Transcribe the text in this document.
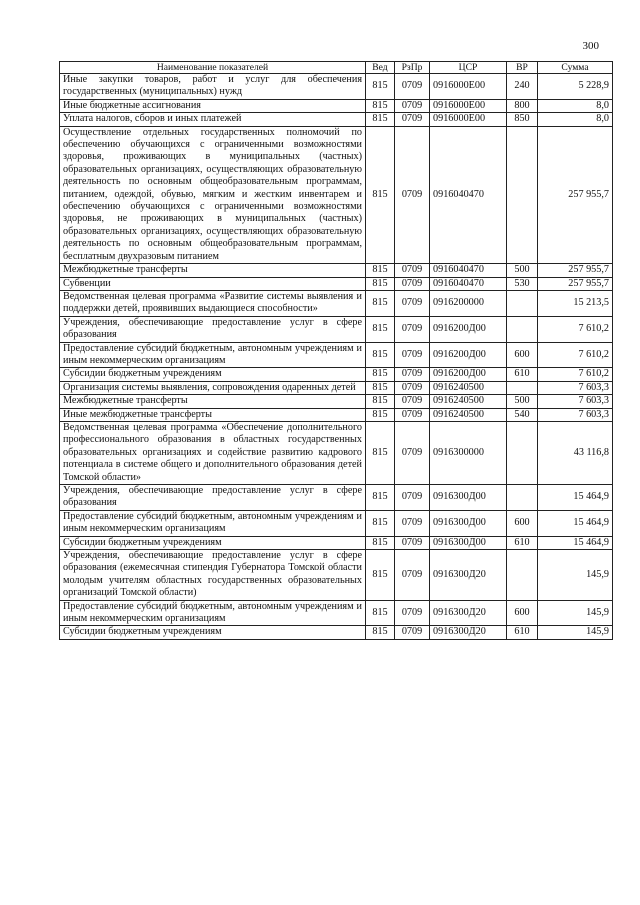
300
Наименование показателей	Вед	РзПр	ЦСР	ВР	Сумма
Иные закупки товаров, работ и услуг для обеспечения государственных (муниципальных) нужд	815	0709	0916000Е00	240	5 228,9
Иные бюджетные ассигнования	815	0709	0916000Е00	800	8,0
Уплата налогов, сборов и иных платежей	815	0709	0916000Е00	850	8,0
Осуществление отдельных государственных полномочий по обеспечению обучающихся с ограниченными возможностями здоровья, проживающих в муниципальных (частных) образовательных организациях, осуществляющих образовательную деятельность по основным общеобразовательным программам, питанием, одеждой, обувью, мягким и жестким инвентарем и обеспечению обучающихся с ограниченными возможностями здоровья, не проживающих в муниципальных (частных) образовательных организациях, осуществляющих образовательную деятельность по основным общеобразовательным программам, бесплатным двухразовым питанием	815	0709	0916040470		257 955,7
Межбюджетные трансферты	815	0709	0916040470	500	257 955,7
Субвенции	815	0709	0916040470	530	257 955,7
Ведомственная целевая программа «Развитие системы выявления и поддержки детей, проявивших выдающиеся способности»	815	0709	0916200000		15 213,5
Учреждения, обеспечивающие предоставление услуг в сфере образования	815	0709	0916200Д00		7 610,2
Предоставление субсидий бюджетным, автономным учреждениям и иным некоммерческим организациям	815	0709	0916200Д00	600	7 610,2
Субсидии бюджетным учреждениям	815	0709	0916200Д00	610	7 610,2
Организация системы выявления, сопровождения одаренных детей	815	0709	0916240500		7 603,3
Межбюджетные трансферты	815	0709	0916240500	500	7 603,3
Иные межбюджетные трансферты	815	0709	0916240500	540	7 603,3
Ведомственная целевая программа «Обеспечение дополнительного профессионального образования в областных государственных образовательных организациях и содействие развитию кадрового потенциала в системе общего и дополнительного образования детей Томской области»	815	0709	0916300000		43 116,8
Учреждения, обеспечивающие предоставление услуг в сфере образования	815	0709	0916300Д00		15 464,9
Предоставление субсидий бюджетным, автономным учреждениям и иным некоммерческим организациям	815	0709	0916300Д00	600	15 464,9
Субсидии бюджетным учреждениям	815	0709	0916300Д00	610	15 464,9
Учреждения, обеспечивающие предоставление услуг в сфере образования (ежемесячная стипендия Губернатора Томской области молодым учителям областных государственных образовательных организаций Томской области)	815	0709	0916300Д20		145,9
Предоставление субсидий бюджетным, автономным учреждениям и иным некоммерческим организациям	815	0709	0916300Д20	600	145,9
Субсидии бюджетным учреждениям	815	0709	0916300Д20	610	145,9
